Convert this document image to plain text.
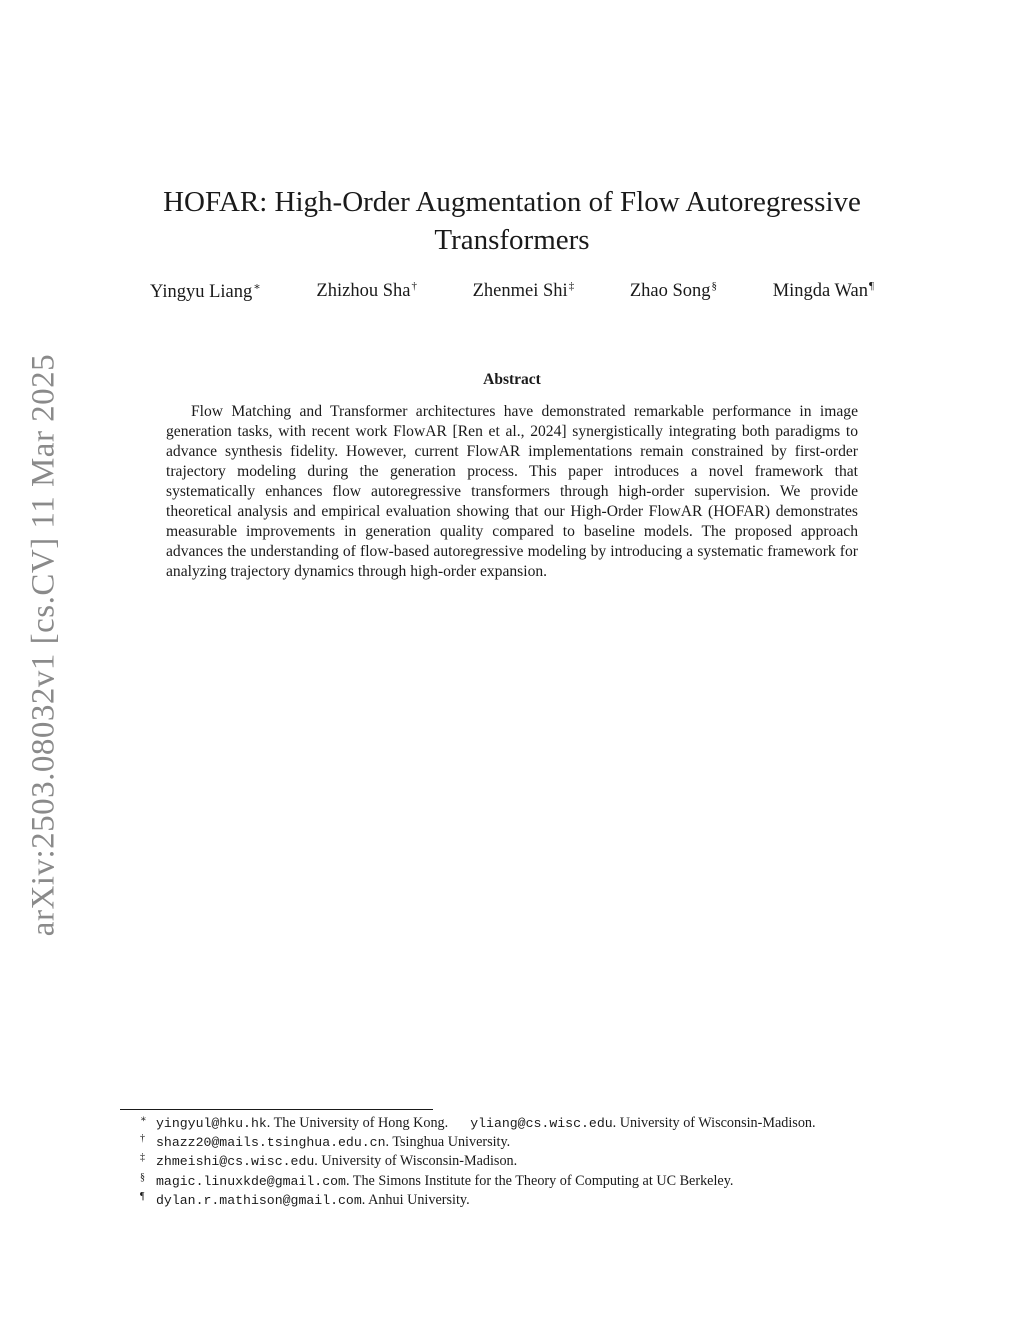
arXiv:2503.08032v1 [cs.CV] 11 Mar 2025
HOFAR: High-Order Augmentation of Flow Autoregressive
Transformers
Yingyu Liang∗	Zhizhou Sha†	Zhenmei Shi‡	Zhao Song§	Mingda Wan¶
Abstract
Flow Matching and Transformer architectures have demonstrated remarkable performance in image generation tasks, with recent work FlowAR [Ren et al., 2024] synergistically integrating both paradigms to advance synthesis fidelity. However, current FlowAR implementations remain constrained by first-order trajectory modeling during the generation process. This paper introduces a novel framework that systematically enhances flow autoregressive transformers through high-order supervision. We provide theoretical analysis and empirical evaluation showing that our High-Order FlowAR (HOFAR) demonstrates measurable improvements in generation quality compared to baseline models. The proposed approach advances the understanding of flow-based autoregressive modeling by introducing a systematic framework for analyzing trajectory dynamics through high-order expansion.
∗ yingyul@hku.hk. The University of Hong Kong. yliang@cs.wisc.edu. University of Wisconsin-Madison.
† shazz20@mails.tsinghua.edu.cn. Tsinghua University.
‡ zhmeishi@cs.wisc.edu. University of Wisconsin-Madison.
§ magic.linuxkde@gmail.com. The Simons Institute for the Theory of Computing at UC Berkeley.
¶ dylan.r.mathison@gmail.com. Anhui University.
